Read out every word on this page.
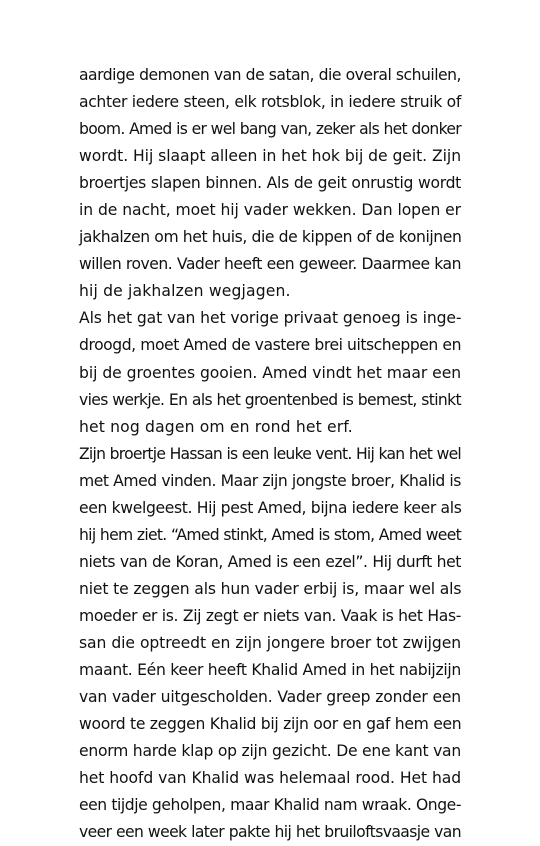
aardige demonen van de satan, die overal schuilen,
achter iedere steen, elk rotsblok, in iedere struik of
boom. Amed is er wel bang van, zeker als het donker
wordt. Hij slaapt alleen in het hok bij de geit. Zijn
broertjes slapen binnen. Als de geit onrustig wordt
in de nacht, moet hij vader wekken. Dan lopen er
jakhalzen om het huis, die de kippen of de konijnen
willen roven. Vader heeft een geweer. Daarmee kan
hij de jakhalzen wegjagen.
Als het gat van het vorige privaat genoeg is inge-
droogd, moet Amed de vastere brei uitscheppen en
bij de groentes gooien. Amed vindt het maar een
vies werkje. En als het groentenbed is bemest, stinkt
het nog dagen om en rond het erf.
Zijn broertje Hassan is een leuke vent. Hij kan het wel
met Amed vinden. Maar zijn jongste broer, Khalid is
een kwelgeest. Hij pest Amed, bijna iedere keer als
hij hem ziet. “Amed stinkt, Amed is stom, Amed weet
niets van de Koran, Amed is een ezel”. Hij durft het
niet te zeggen als hun vader erbij is, maar wel als
moeder er is. Zij zegt er niets van. Vaak is het Has-
san die optreedt en zijn jongere broer tot zwijgen
maant. Eén keer heeft Khalid Amed in het nabijzijn
van vader uitgescholden. Vader greep zonder een
woord te zeggen Khalid bij zijn oor en gaf hem een
enorm harde klap op zijn gezicht. De ene kant van
het hoofd van Khalid was helemaal rood. Het had
een tijdje geholpen, maar Khalid nam wraak. Onge-
veer een week later pakte hij het bruiloftsvaasje van
